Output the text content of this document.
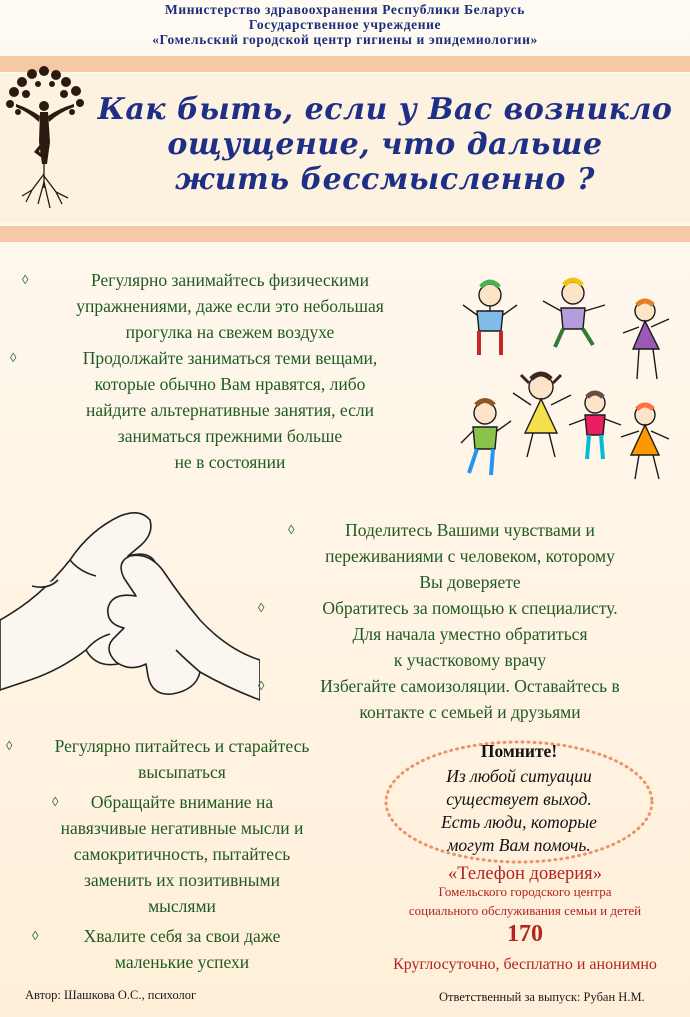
Министерство здравоохранения Республики Беларусь
Государственное учреждение
«Гомельский городской центр гигиены и эпидемиологии»
Как быть, если у Вас возникло
ощущение, что дальше
жить бессмысленно ?
◊	Регулярно занимайтесь физическими
упражнениями, даже если это небольшая
прогулка на свежем воздухе
◊	Продолжайте заниматься теми вещами,
которые обычно Вам нравятся, либо
найдите альтернативные занятия, если
заниматься прежними больше
не в состоянии
◊	Поделитесь Вашими чувствами и
переживаниями с человеком, которому
Вы доверяете
◊	Обратитесь за помощью к специалисту.
Для начала уместно обратиться
к участковому врачу
◊	Избегайте самоизоляции. Оставайтесь в
контакте с семьей и друзьями
◊	Регулярно питайтесь и старайтесь
высыпаться
◊	Обращайте внимание на
навязчивые негативные мысли и
самокритичность, пытайтесь
заменить их позитивными
мыслями
◊	Хвалите себя за свои даже
маленькие успехи
Помните!
Из любой ситуации
существует выход.
Есть люди, которые
могут Вам помочь.
«Телефон доверия»
Гомельского городского центра
социального обслуживания семьи и детей
170
Круглосуточно, бесплатно и анонимно
Автор: Шашкова О.С., психолог	Ответственный за выпуск: Рубан Н.М.
